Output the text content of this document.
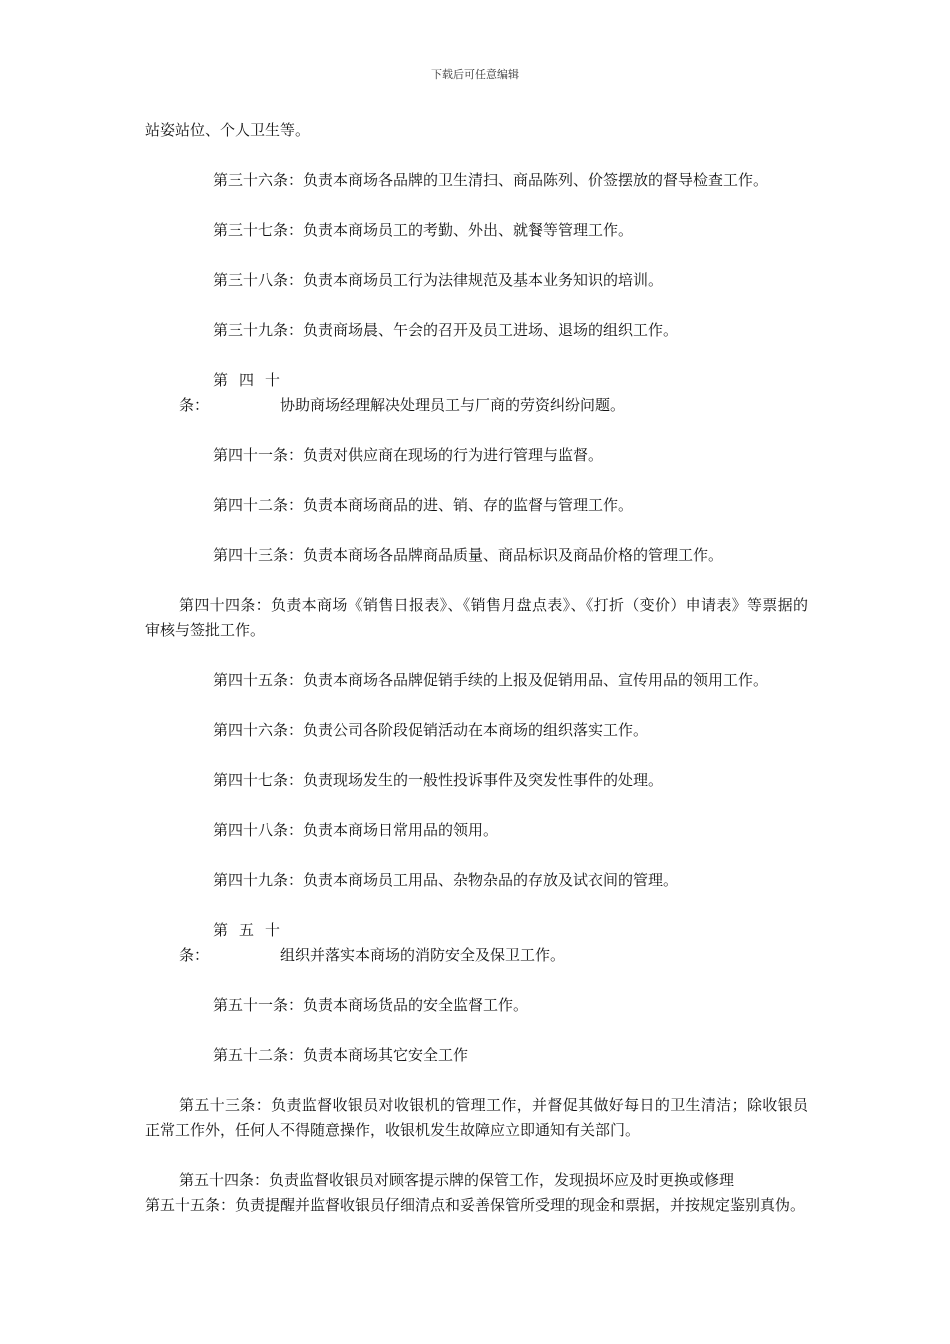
下载后可任意编辑

站姿站位、个人卫生等。

第三十六条：负责本商场各品牌的卫生清扫、商品陈列、价签摆放的督导检查工作。

第三十七条：负责本商场员工的考勤、外出、就餐等管理工作。

第三十八条：负责本商场员工行为法律规范及基本业务知识的培训。

第三十九条：负责商场晨、午会的召开及员工进场、退场的组织工作。

第四十条：	协助商场经理解决处理员工与厂商的劳资纠纷问题。

第四十一条：负责对供应商在现场的行为进行管理与监督。

第四十二条：负责本商场商品的进、销、存的监督与管理工作。

第四十三条：负责本商场各品牌商品质量、商品标识及商品价格的管理工作。

第四十四条：负责本商场《销售日报表》、《销售月盘点表》、《打折（变价）申请表》等票据的审核与签批工作。

第四十五条：负责本商场各品牌促销手续的上报及促销用品、宣传用品的领用工作。

第四十六条：负责公司各阶段促销活动在本商场的组织落实工作。

第四十七条：负责现场发生的一般性投诉事件及突发性事件的处理。

第四十八条：负责本商场日常用品的领用。

第四十九条：负责本商场员工用品、杂物杂品的存放及试衣间的管理。

第五十条：	组织并落实本商场的消防安全及保卫工作。

第五十一条：负责本商场货品的安全监督工作。

第五十二条：负责本商场其它安全工作

第五十三条：负责监督收银员对收银机的管理工作，并督促其做好每日的卫生清洁；除收银员正常工作外，任何人不得随意操作，收银机发生故障应立即通知有关部门。

第五十四条：负责监督收银员对顾客提示牌的保管工作，发现损坏应及时更换或修理

第五十五条：负责提醒并监督收银员仔细清点和妥善保管所受理的现金和票据，并按规定鉴别真伪。
